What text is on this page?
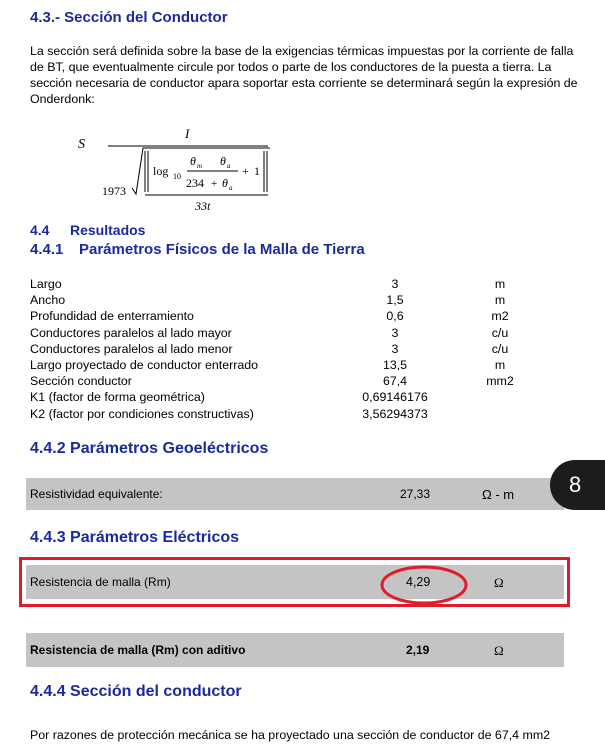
4.3.- Sección del Conductor
La sección será definida sobre la base de la exigencias térmicas impuestas por la corriente de falla
de BT, que eventualmente circule por todos o parte de los conductores de la puesta a tierra. La
sección necesaria de conductor apara soportar esta corriente se determinará según la expresión de
Onderdonk:
S
I
1973
log 10
θ m θ a
234 + θ a
+ 1
33t
4.4 Resultados
4.4.1 Parámetros Físicos de la Malla de Tierra
Largo	3	m
Ancho	1,5	m
Profundidad de enterramiento	0,6	m2
Conductores paralelos al lado mayor	3	c/u
Conductores paralelos al lado menor	3	c/u
Largo proyectado de conductor enterrado	13,5	m
Sección conductor	67,4	mm2
K1 (factor de forma geométrica)	0,69146176
K2 (factor por condiciones constructivas)	3,56294373
4.4.2 Parámetros Geoeléctricos
Resistividad equivalente:	27,33	Ω - m 8
4.4.3 Parámetros Eléctricos
Resistencia de malla (Rm)	4,29	Ω
Resistencia de malla (Rm) con aditivo	2,19	Ω
4.4.4 Sección del conductor
Por razones de protección mecánica se ha proyectado una sección de conductor de 67,4 mm2
